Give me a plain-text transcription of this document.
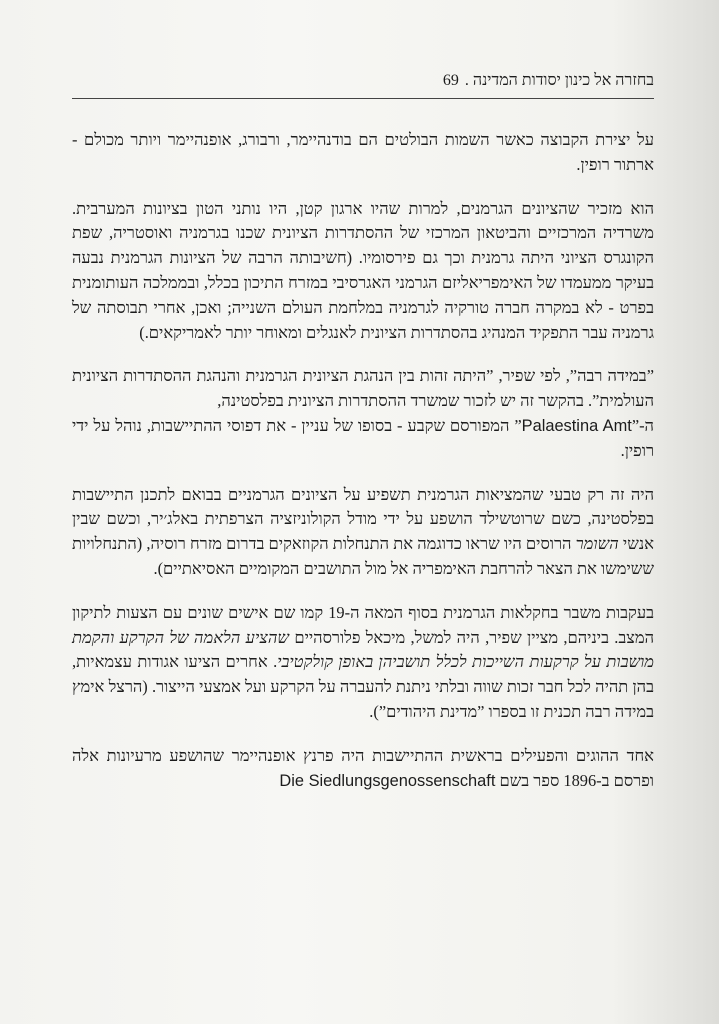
69 בחזרה אל כינון יסודות המדינה .

על יצירת הקבוצה כאשר השמות הבולטים הם בודנהיימר, ורבורג, אופנהיימר ויותר מכולם - ארתור רופין.

הוא מזכיר שהציונים הגרמנים, למרות שהיו ארגון קטן, היו נותני הטון בציונות המערבית. משרדיה המרכזיים והביטאון המרכזי של ההסתדרות הציונית שכנו בגרמניה ואוסטריה, שפת הקונגרס הציוני היתה גרמנית וכך גם פירסומיו. (חשיבותה הרבה של הציונות הגרמנית נבעה בעיקר ממעמדו של האימפריאליזם הגרמני האגרסיבי במזרח התיכון בכלל, ובממלכה העותומנית בפרט - לא במקרה חברה טורקיה לגרמניה במלחמת העולם השנייה; ואכן, אחרי תבוסתה של גרמניה עבר התפקיד המנהיג בהסתדרות הציונית לאנגלים ומאוחר יותר לאמריקאים.)

”במידה רבה”, לפי שפיר, ”היתה זהות בין הנהגת הציונית הגרמנית והנהגת ההסתדרות הציונית העולמית”. בהקשר זה יש לזכור שמשרד ההסתדרות הציונית בפלסטינה,

ה-”Palaestina Amt” המפורסם שקבע - בסופו של עניין - את דפוסי ההתיישבות, נוהל על ידי רופין.

היה זה רק טבעי שהמציאות הגרמנית תשפיע על הציונים הגרמניים בבואם לתכנן התיישבות בפלסטינה, כשם שרוטשילד הושפע על ידי מודל הקולוניזציה הצרפתית באלג׳יר, וכשם שבין אנשי השומר הרוסים היו שראו כדוגמה את התנחלות הקוזאקים בדרום מזרח רוסיה, (התנחלויות ששימשו את הצאר להרחבת האימפריה אל מול התושבים המקומיים האסיאתיים).

בעקבות משבר בחקלאות הגרמנית בסוף המאה ה-19 קמו שם אישים שונים עם הצעות לתיקון המצב. ביניהם, מציין שפיר, היה למשל, מיכאל פלורסהיים שהציע הלאמה של הקרקע והקמת מושבות על קרקעות השייכות לכלל תושביהן באופן קולקטיבי. אחרים הציעו אגודות עצמאיות, בהן תהיה לכל חבר זכות שווה ובלתי ניתנת להעברה על הקרקע ועל אמצעי הייצור. (הרצל אימץ במידה רבה תכנית זו בספרו ”מדינת היהודים”).

אחד ההוגים והפעילים בראשית ההתיישבות היה פרנץ אופנהיימר שהושפע מרעיונות אלה ופרסם ב-1896 ספר בשם Die Siedlungsgenossenschaft
